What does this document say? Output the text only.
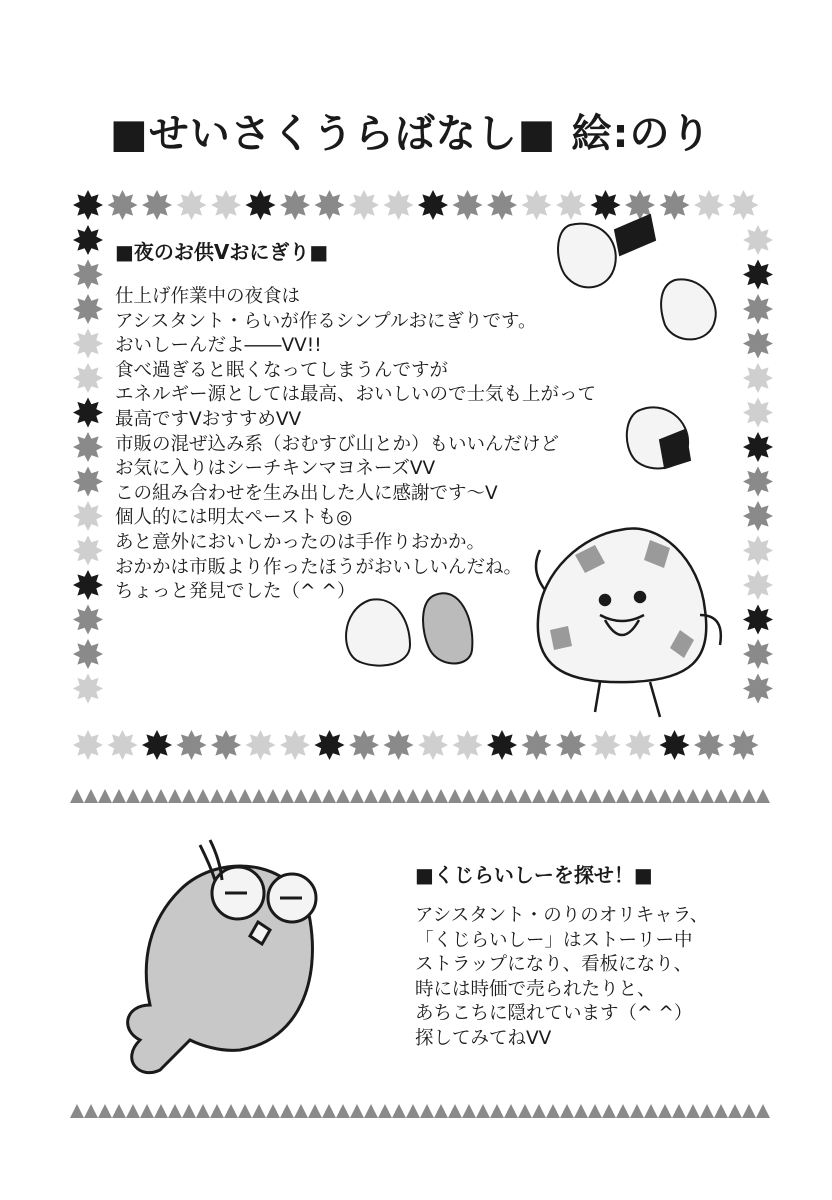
■せいさくうらばなし■ 絵:のり
■夜のお供Vおにぎり■
仕上げ作業中の夜食は
アシスタント・らいが作るシンプルおにぎりです。
おいしーんだよ――VV!!
食べ過ぎると眠くなってしまうんですが
エネルギー源としては最高、おいしいので士気も上がって
最高ですVおすすめVV
市販の混ぜ込み系（おむすび山とか）もいいんだけど
お気に入りはシーチキンマヨネーズVV
この組み合わせを生み出した人に感謝です～V
個人的には明太ペーストも◎
あと意外においしかったのは手作りおかか。
おかかは市販より作ったほうがおいしいんだね。
ちょっと発見でした（^ ^）
■くじらいしーを探せ！■
アシスタント・のりのオリキャラ、
「くじらいしー」はストーリー中
ストラップになり、看板になり、
時には時価で売られたりと、
あちこちに隠れています（^ ^）
探してみてねVV
